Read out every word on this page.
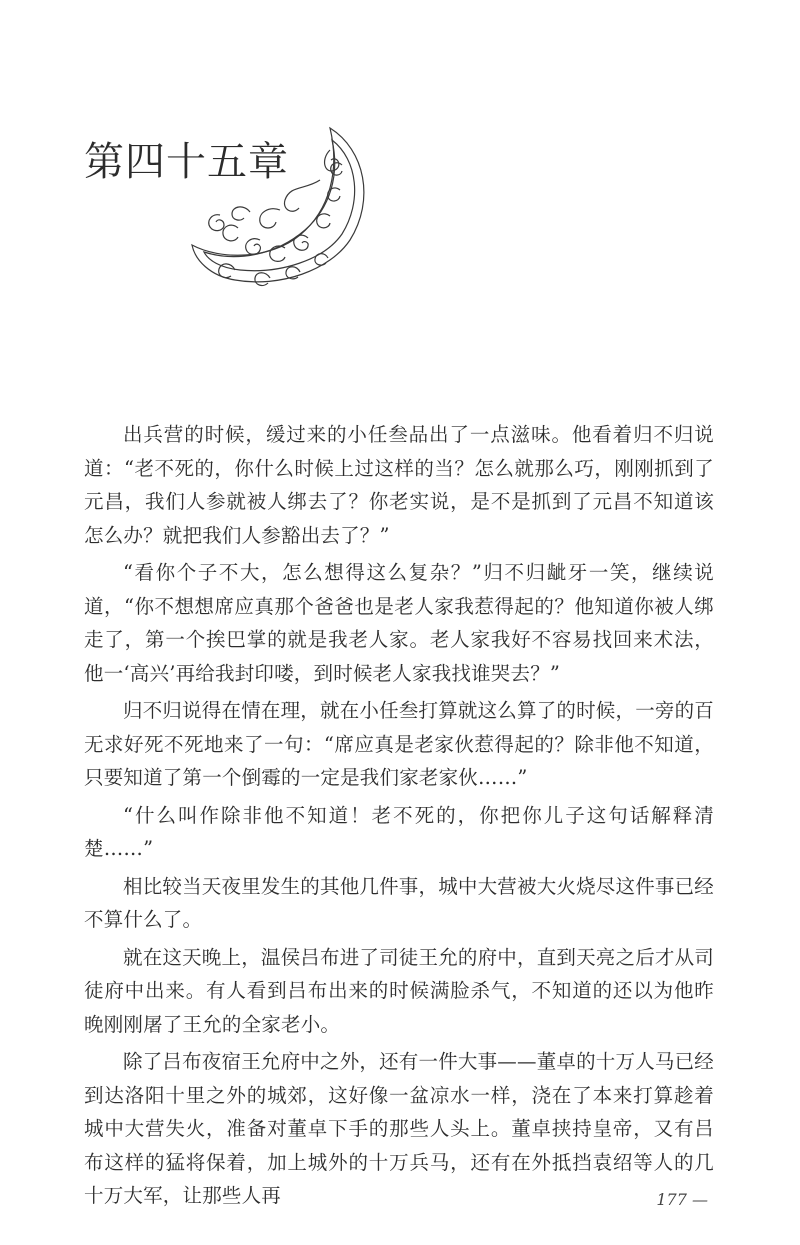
第四十五章

出兵营的时候，缓过来的小任叁品出了一点滋味。他看着归不归说道：“老不死的，你什么时候上过这样的当？怎么就那么巧，刚刚抓到了元昌，我们人参就被人绑去了？你老实说，是不是抓到了元昌不知道该怎么办？就把我们人参豁出去了？”

“看你个子不大，怎么想得这么复杂？”归不归龇牙一笑，继续说道，“你不想想席应真那个爸爸也是老人家我惹得起的？他知道你被人绑走了，第一个挨巴掌的就是我老人家。老人家我好不容易找回来术法，他一‘高兴’再给我封印喽，到时候老人家我找谁哭去？”

归不归说得在情在理，就在小任叁打算就这么算了的时候，一旁的百无求好死不死地来了一句：“席应真是老家伙惹得起的？除非他不知道，只要知道了第一个倒霉的一定是我们家老家伙……”

“什么叫作除非他不知道！老不死的，你把你儿子这句话解释清楚……”

相比较当天夜里发生的其他几件事，城中大营被大火烧尽这件事已经不算什么了。

就在这天晚上，温侯吕布进了司徒王允的府中，直到天亮之后才从司徒府中出来。有人看到吕布出来的时候满脸杀气，不知道的还以为他昨晚刚刚屠了王允的全家老小。

除了吕布夜宿王允府中之外，还有一件大事——董卓的十万人马已经到达洛阳十里之外的城郊，这好像一盆凉水一样，浇在了本来打算趁着城中大营失火，准备对董卓下手的那些人头上。董卓挟持皇帝，又有吕布这样的猛将保着，加上城外的十万兵马，还有在外抵挡袁绍等人的几十万大军，让那些人再	177 —
